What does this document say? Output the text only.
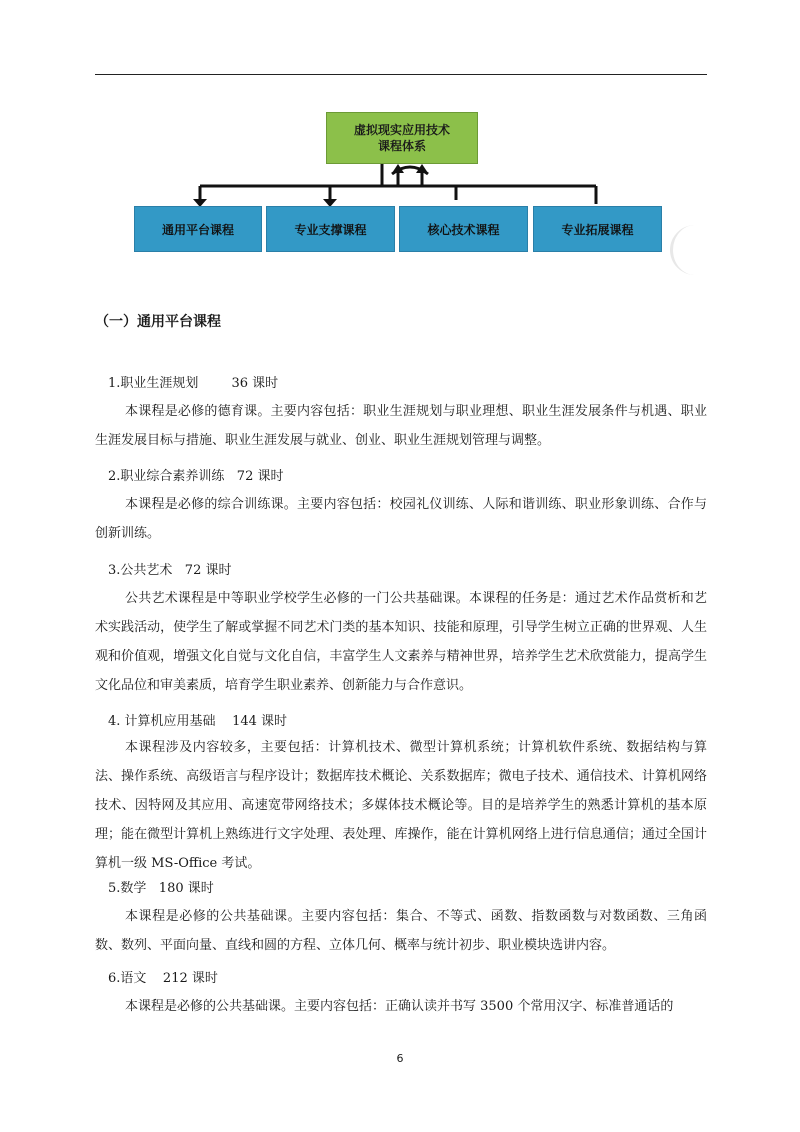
虚拟现实应用技术
课程体系
通用平台课程	专业支撑课程	核心技术课程	专业拓展课程
（一）通用平台课程
1.职业生涯规划        36 课时
本课程是必修的德育课。主要内容包括：职业生涯规划与职业理想、职业生涯发展条件与机遇、职业生涯发展目标与措施、职业生涯发展与就业、创业、职业生涯规划管理与调整。
2.职业综合素养训练   72 课时
本课程是必修的综合训练课。主要内容包括：校园礼仪训练、人际和谐训练、职业形象训练、合作与创新训练。
3.公共艺术   72 课时
公共艺术课程是中等职业学校学生必修的一门公共基础课。本课程的任务是：通过艺术作品赏析和艺术实践活动，使学生了解或掌握不同艺术门类的基本知识、技能和原理，引导学生树立正确的世界观、人生观和价值观，增强文化自觉与文化自信，丰富学生人文素养与精神世界，培养学生艺术欣赏能力，提高学生文化品位和审美素质，培育学生职业素养、创新能力与合作意识。
4. 计算机应用基础    144 课时
本课程涉及内容较多，主要包括：计算机技术、微型计算机系统；计算机软件系统、数据结构与算法、操作系统、高级语言与程序设计；数据库技术概论、关系数据库；微电子技术、通信技术、计算机网络技术、因特网及其应用、高速宽带网络技术；多媒体技术概论等。目的是培养学生的熟悉计算机的基本原理；能在微型计算机上熟练进行文字处理、表处理、库操作，能在计算机网络上进行信息通信；通过全国计算机一级 MS-Office 考试。
5.数学   180 课时
本课程是必修的公共基础课。主要内容包括：集合、不等式、函数、指数函数与对数函数、三角函数、数列、平面向量、直线和圆的方程、立体几何、概率与统计初步、职业模块选讲内容。
6.语文    212 课时
本课程是必修的公共基础课。主要内容包括：正确认读并书写 3500 个常用汉字、标准普通话的
6
